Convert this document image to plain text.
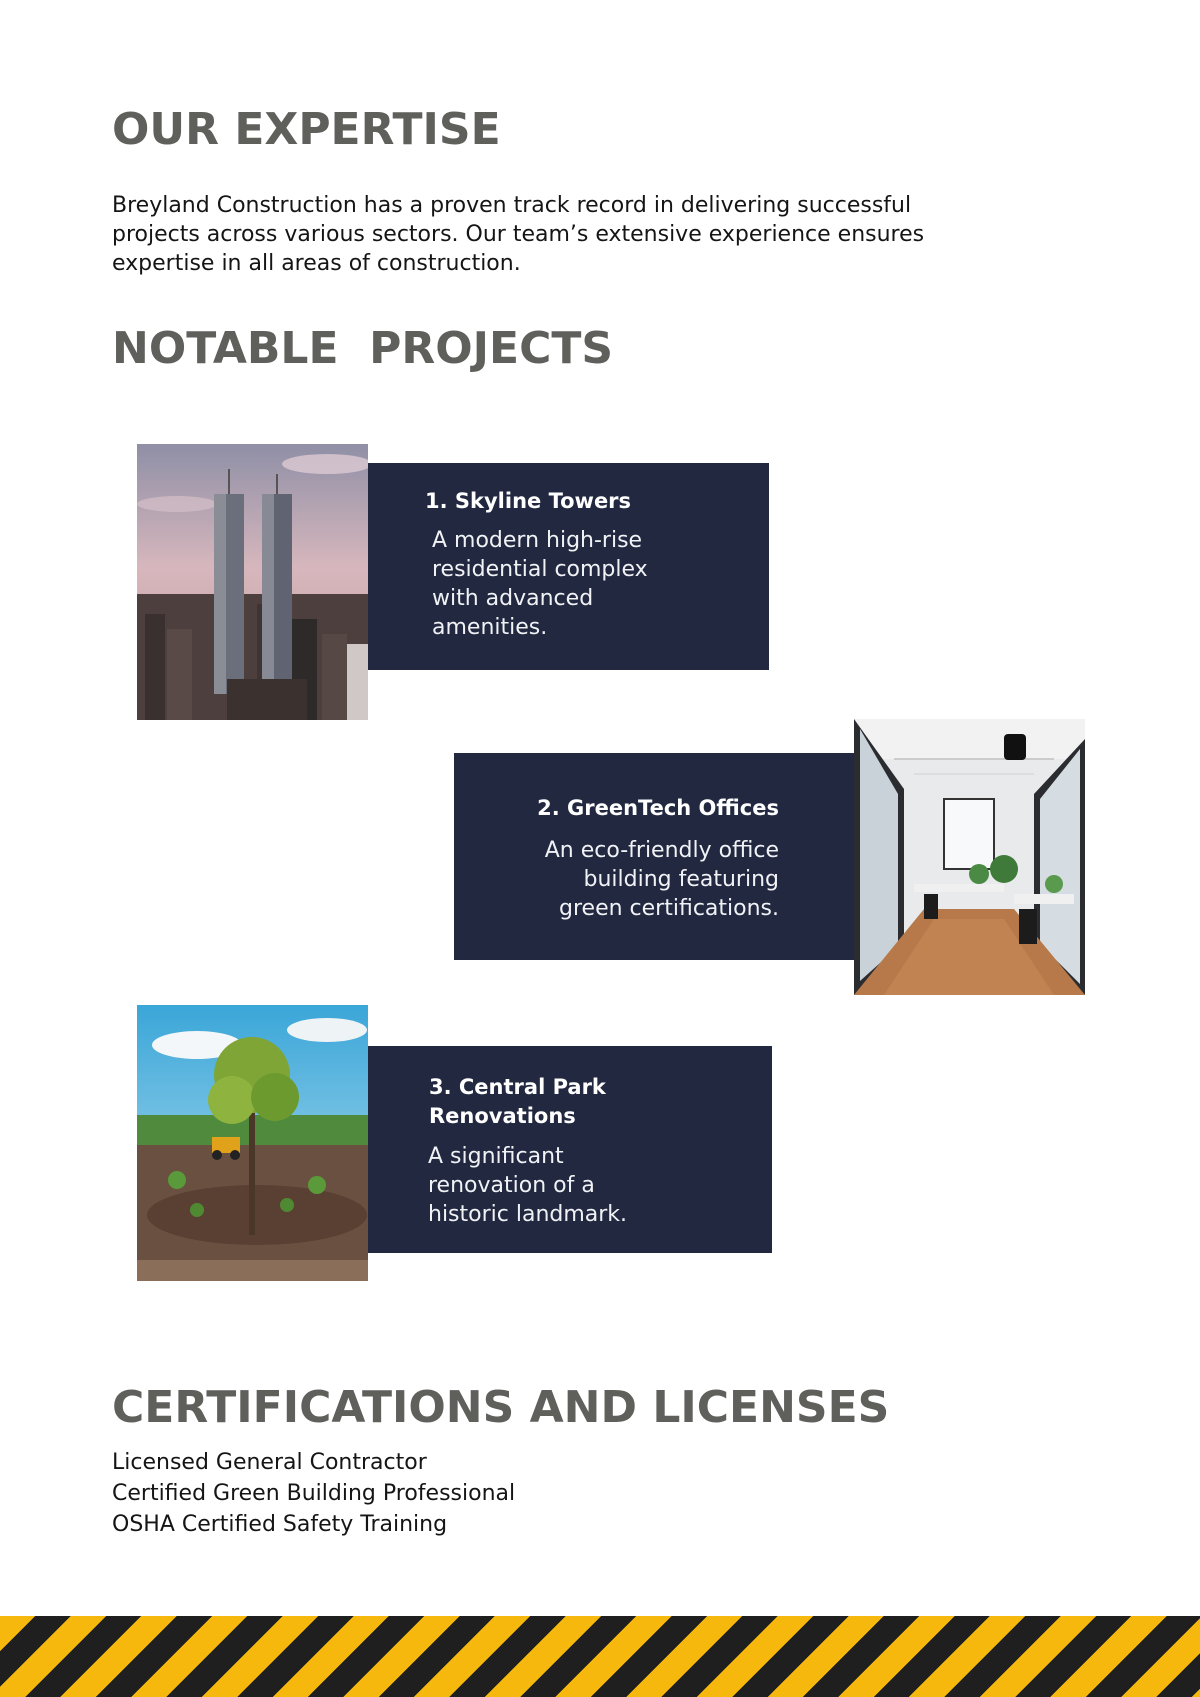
OUR EXPERTISE
Breyland Construction has a proven track record in delivering successful
projects across various sectors. Our team’s extensive experience ensures
expertise in all areas of construction.
NOTABLE  PROJECTS
1. Skyline Towers
A modern high-rise
residential complex
with advanced
amenities.
2. GreenTech Offices
An eco-friendly office
building featuring
green certifications.
3. Central Park
Renovations
A significant
renovation of a
historic landmark.
CERTIFICATIONS AND LICENSES
Licensed General Contractor
Certified Green Building Professional
OSHA Certified Safety Training
